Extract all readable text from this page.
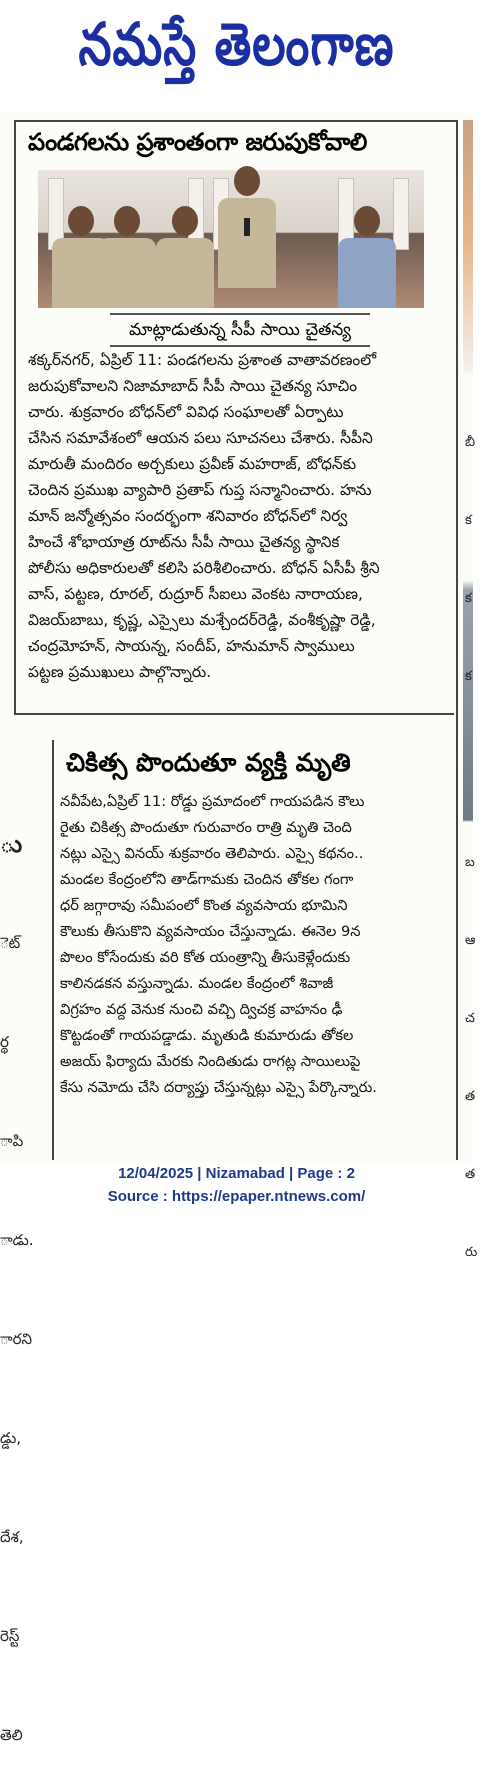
నమస్తే తెలంగాణ

ు

ెట్

ర్థ

ాపి

ాడు.

ారని

డ్డు,

దేశ,

రెస్ట్

తెలి

బీ

క

క

క

బ

ఆ

చ

త

త

రు

పండగలను ప్రశాంతంగా జరుపుకోవాలి
మాట్లాడుతున్న సీపీ సాయి చైతన్య
శక్కర్‌నగర్, ఏప్రిల్ 11: పండగలను ప్రశాంత వాతావరణంలో
జరుపుకోవాలని నిజామాబాద్ సీపీ సాయి చైతన్య సూచిం
చారు. శుక్రవారం బోధన్‌లో వివిధ సంఘాలతో ఏర్పాటు
చేసిన సమావేశంలో ఆయన పలు సూచనలు చేశారు. సీపీని
మారుతీ మందిరం అర్చకులు ప్రవీణ్ మహరాజ్, బోధన్‌కు
చెందిన ప్రముఖ వ్యాపారి ప్రతాప్ గుప్త సన్మానించారు. హను
మాన్ జన్మోత్సవం సందర్భంగా శనివారం బోధన్‌లో నిర్వ
హించే శోభాయాత్ర రూట్‌ను సీపీ సాయి చైతన్య స్థానిక
పోలీసు అధికారులతో కలిసి పరిశీలించారు. బోధన్ ఏసీపీ శ్రీని
వాస్, పట్టణ, రూరల్, రుద్రూర్ సీఐలు వెంకట నారాయణ,
విజయ్‌బాబు, కృష్ణ, ఎస్సైలు మశ్చేందర్‌రెడ్డి, వంశీకృష్ణా రెడ్డి,
చంద్రమోహన్, సాయన్న, సందీప్, హనుమాన్ స్వాములు
పట్టణ ప్రముఖులు పాల్గొన్నారు.
చికిత్స పొందుతూ వ్యక్తి మృతి
నవీపేట,ఏప్రిల్ 11: రోడ్డు ప్రమాదంలో గాయపడిన కౌలు
రైతు చికిత్స పొందుతూ గురువారం రాత్రి మృతి చెంది
నట్లు ఎస్సై వినయ్ శుక్రవారం తెలిపారు. ఎస్సై కథనం..
మండల కేంద్రంలోని తాడ్‌గామకు చెందిన తోకల గంగా
ధర్ జగ్గారావు సమీపంలో కొంత వ్యవసాయ భూమిని
కౌలుకు తీసుకొని వ్యవసాయం చేస్తున్నాడు. ఈనెల 9న
పొలం కోసేందుకు వరి కోత యంత్రాన్ని తీసుకెళ్లేందుకు
కాలినడకన వస్తున్నాడు. మండల కేంద్రంలో శివాజీ
విగ్రహం వద్ద వెనుక నుంచి వచ్చి ద్విచక్ర వాహనం ఢీ
కొట్టడంతో గాయపడ్డాడు. మృతుడి కుమారుడు తోకల
అజయ్ ఫిర్యాదు మేరకు నిందితుడు రాగట్ల సాయిలుపై
కేసు నమోదు చేసి దర్యాప్తు చేస్తున్నట్లు ఎస్సై పేర్కొన్నారు.
12/04/2025 | Nizamabad | Page : 2
Source : https://epaper.ntnews.com/
